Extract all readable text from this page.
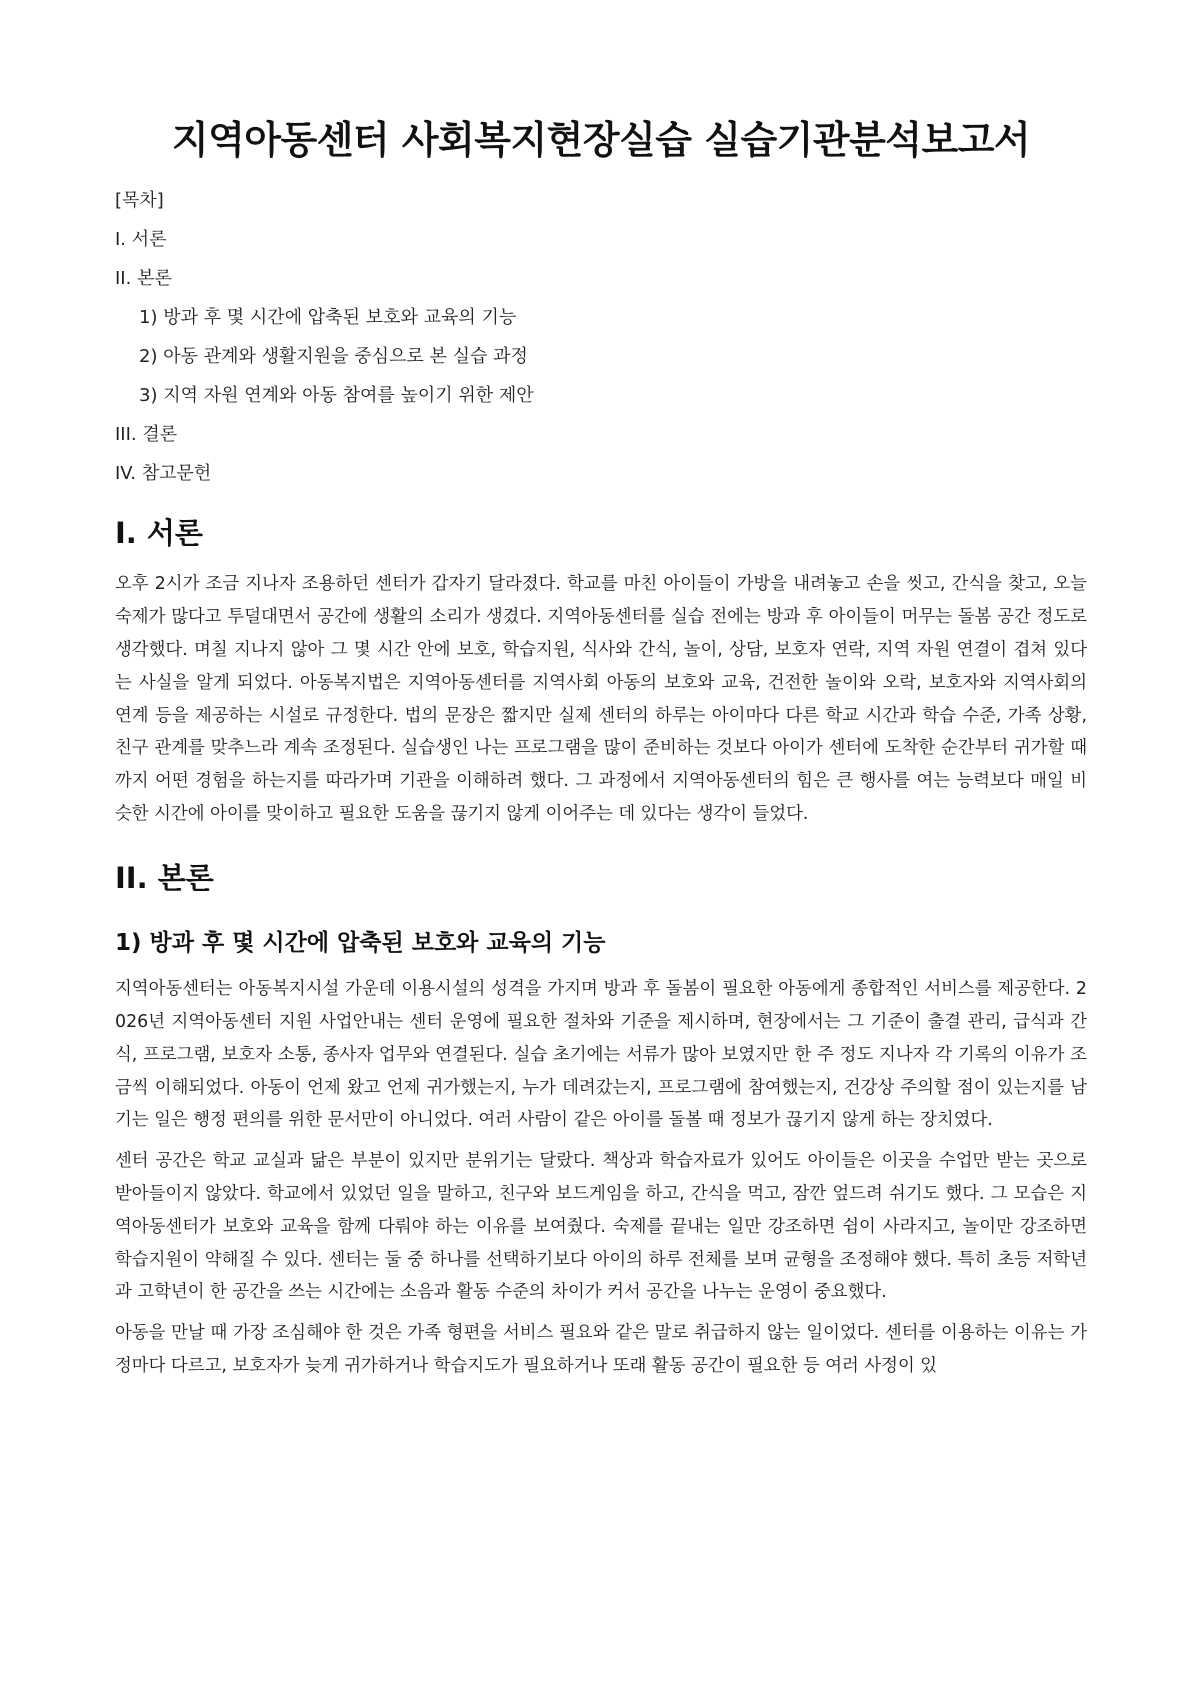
지역아동센터 사회복지현장실습 실습기관분석보고서
[목차]
I. 서론
II. 본론
1) 방과 후 몇 시간에 압축된 보호와 교육의 기능
2) 아동 관계와 생활지원을 중심으로 본 실습 과정
3) 지역 자원 연계와 아동 참여를 높이기 위한 제안
III. 결론
IV. 참고문헌
I. 서론

오후 2시가 조금 지나자 조용하던 센터가 갑자기 달라졌다. 학교를 마친 아이들이 가방을 내려놓고 손을 씻고, 간식을 찾고, 오늘 숙제가 많다고 투덜대면서 공간에 생활의 소리가 생겼다. 지역아동센터를 실습 전에는 방과 후 아이들이 머무는 돌봄 공간 정도로 생각했다. 며칠 지나지 않아 그 몇 시간 안에 보호, 학습지원, 식사와 간식, 놀이, 상담, 보호자 연락, 지역 자원 연결이 겹쳐 있다는 사실을 알게 되었다. 아동복지법은 지역아동센터를 지역사회 아동의 보호와 교육, 건전한 놀이와 오락, 보호자와 지역사회의 연계 등을 제공하는 시설로 규정한다. 법의 문장은 짧지만 실제 센터의 하루는 아이마다 다른 학교 시간과 학습 수준, 가족 상황, 친구 관계를 맞추느라 계속 조정된다. 실습생인 나는 프로그램을 많이 준비하는 것보다 아이가 센터에 도착한 순간부터 귀가할 때까지 어떤 경험을 하는지를 따라가며 기관을 이해하려 했다. 그 과정에서 지역아동센터의 힘은 큰 행사를 여는 능력보다 매일 비슷한 시간에 아이를 맞이하고 필요한 도움을 끊기지 않게 이어주는 데 있다는 생각이 들었다.

II. 본론
1) 방과 후 몇 시간에 압축된 보호와 교육의 기능

지역아동센터는 아동복지시설 가운데 이용시설의 성격을 가지며 방과 후 돌봄이 필요한 아동에게 종합적인 서비스를 제공한다. 2026년 지역아동센터 지원 사업안내는 센터 운영에 필요한 절차와 기준을 제시하며, 현장에서는 그 기준이 출결 관리, 급식과 간식, 프로그램, 보호자 소통, 종사자 업무와 연결된다. 실습 초기에는 서류가 많아 보였지만 한 주 정도 지나자 각 기록의 이유가 조금씩 이해되었다. 아동이 언제 왔고 언제 귀가했는지, 누가 데려갔는지, 프로그램에 참여했는지, 건강상 주의할 점이 있는지를 남기는 일은 행정 편의를 위한 문서만이 아니었다. 여러 사람이 같은 아이를 돌볼 때 정보가 끊기지 않게 하는 장치였다.

센터 공간은 학교 교실과 닮은 부분이 있지만 분위기는 달랐다. 책상과 학습자료가 있어도 아이들은 이곳을 수업만 받는 곳으로 받아들이지 않았다. 학교에서 있었던 일을 말하고, 친구와 보드게임을 하고, 간식을 먹고, 잠깐 엎드려 쉬기도 했다. 그 모습은 지역아동센터가 보호와 교육을 함께 다뤄야 하는 이유를 보여줬다. 숙제를 끝내는 일만 강조하면 쉼이 사라지고, 놀이만 강조하면 학습지원이 약해질 수 있다. 센터는 둘 중 하나를 선택하기보다 아이의 하루 전체를 보며 균형을 조정해야 했다. 특히 초등 저학년과 고학년이 한 공간을 쓰는 시간에는 소음과 활동 수준의 차이가 커서 공간을 나누는 운영이 중요했다.

아동을 만날 때 가장 조심해야 한 것은 가족 형편을 서비스 필요와 같은 말로 취급하지 않는 일이었다. 센터를 이용하는 이유는 가정마다 다르고, 보호자가 늦게 귀가하거나 학습지도가 필요하거나 또래 활동 공간이 필요한 등 여러 사정이 있
